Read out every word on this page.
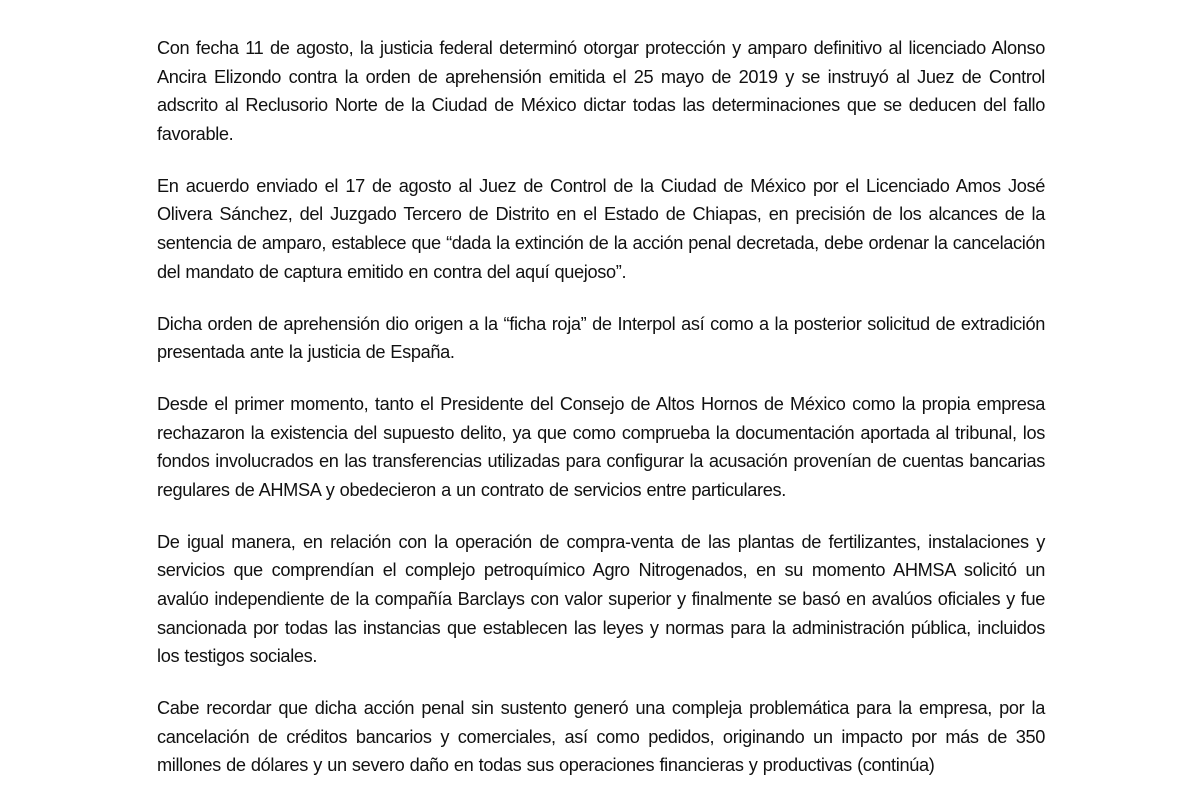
Con fecha 11 de agosto, la justicia federal determinó otorgar protección y amparo definitivo al licenciado Alonso Ancira Elizondo contra la orden de aprehensión emitida el 25 mayo de 2019 y se instruyó al Juez de Control adscrito al Reclusorio Norte de la Ciudad de México dictar todas las determinaciones que se deducen del fallo favorable.

En acuerdo enviado el 17 de agosto al Juez de Control de la Ciudad de México por el Licenciado Amos José Olivera Sánchez, del Juzgado Tercero de Distrito en el Estado de Chiapas, en precisión de los alcances de la sentencia de amparo, establece que “dada la extinción de la acción penal decretada, debe ordenar la cancelación del mandato de captura emitido en contra del aquí quejoso”.

Dicha orden de aprehensión dio origen a la “ficha roja” de Interpol así como a la posterior solicitud de extradición presentada ante la justicia de España.

Desde el primer momento, tanto el Presidente del Consejo de Altos Hornos de México como la propia empresa rechazaron la existencia del supuesto delito, ya que como comprueba la documentación aportada al tribunal, los fondos involucrados en las transferencias utilizadas para configurar la acusación provenían de cuentas bancarias regulares de AHMSA y obedecieron a un contrato de servicios entre particulares.

De igual manera, en relación con la operación de compra-venta de las plantas de fertilizantes, instalaciones y servicios que comprendían el complejo petroquímico Agro Nitrogenados, en su momento AHMSA solicitó un avalúo independiente de la compañía Barclays con valor superior y finalmente se basó en avalúos oficiales y fue sancionada por todas las instancias que establecen las leyes y normas para la administración pública, incluidos los testigos sociales.

Cabe recordar que dicha acción penal sin sustento generó una compleja problemática para la empresa, por la cancelación de créditos bancarios y comerciales, así como pedidos, originando un impacto por más de 350 millones de dólares y un severo daño en todas sus operaciones financieras y productivas (continúa)
